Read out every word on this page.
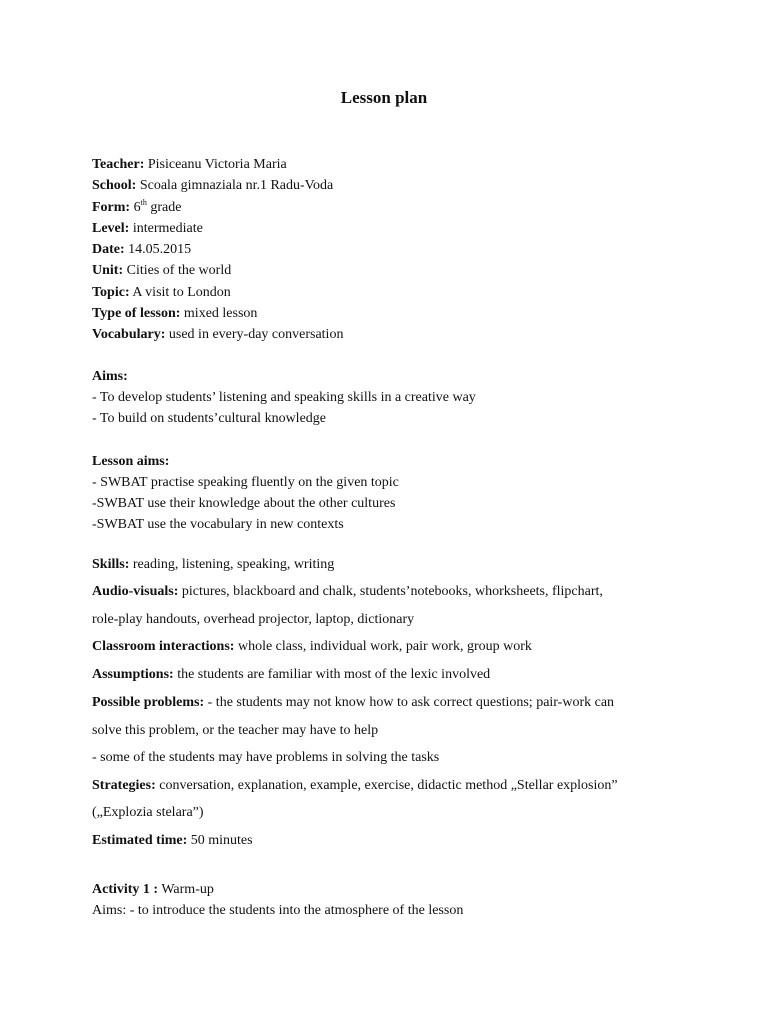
Lesson plan
Teacher: Pisiceanu Victoria Maria
School: Scoala gimnaziala nr.1 Radu-Voda
Form: 6th grade
Level: intermediate
Date: 14.05.2015
Unit: Cities of the world
Topic: A visit to London
Type of lesson: mixed lesson
Vocabulary: used in every-day conversation
Aims:
- To develop students’ listening and speaking skills in a creative way
- To build on students’cultural knowledge
Lesson aims:
- SWBAT practise speaking fluently on the given topic
-SWBAT use their knowledge about the other cultures
-SWBAT use the vocabulary in new contexts
Skills: reading, listening, speaking, writing
Audio-visuals: pictures, blackboard and chalk, students’notebooks, whorksheets, flipchart,
role-play handouts, overhead projector, laptop, dictionary
Classroom interactions: whole class, individual work, pair work, group work
Assumptions: the students are familiar with most of the lexic involved
Possible problems: - the students may not know how to ask correct questions; pair-work can
solve this problem, or the teacher may have to help
- some of the students may have problems in solving the tasks
Strategies: conversation, explanation, example, exercise, didactic method „Stellar explosion”
(„Explozia stelara”)
Estimated time: 50 minutes
Activity 1 : Warm-up
Aims: - to introduce the students into the atmosphere of the lesson
